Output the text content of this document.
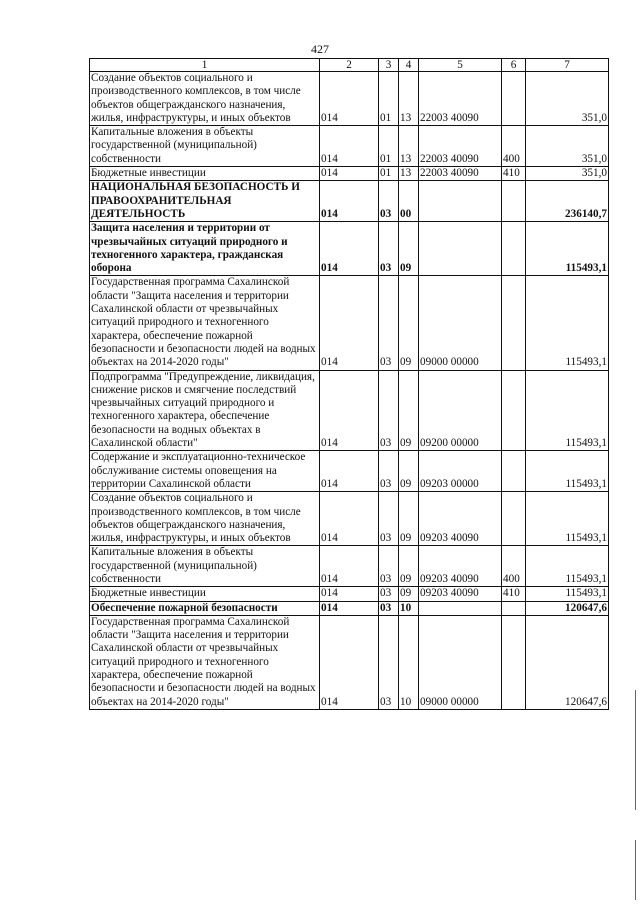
427
1	2	3	4	5	6	7
Создание объектов социального и производственного комплексов, в том числе объектов общегражданского назначения, жилья, инфраструктуры, и иных объектов	014	01	13	22003 40090		351,0
Капитальные вложения в объекты государственной (муниципальной) собственности	014	01	13	22003 40090	400	351,0
Бюджетные инвестиции	014	01	13	22003 40090	410	351,0
НАЦИОНАЛЬНАЯ БЕЗОПАСНОСТЬ И ПРАВООХРАНИТЕЛЬНАЯ ДЕЯТЕЛЬНОСТЬ	014	03	00			236140,7
Защита населения и территории от чрезвычайных ситуаций природного и техногенного характера, гражданская оборона	014	03	09			115493,1
Государственная программа Сахалинской области "Защита населения и территории Сахалинской области от чрезвычайных ситуаций природного и техногенного характера, обеспечение пожарной безопасности и безопасности людей на водных объектах на 2014-2020 годы"	014	03	09	09000 00000		115493,1
Подпрограмма "Предупреждение, ликвидация, снижение рисков и смягчение последствий чрезвычайных ситуаций природного и техногенного характера, обеспечение безопасности на водных объектах в Сахалинской области"	014	03	09	09200 00000		115493,1
Содержание и эксплуатационно-техническое обслуживание системы оповещения на территории Сахалинской области	014	03	09	09203 00000		115493,1
Создание объектов социального и производственного комплексов, в том числе объектов общегражданского назначения, жилья, инфраструктуры, и иных объектов	014	03	09	09203 40090		115493,1
Капитальные вложения в объекты государственной (муниципальной) собственности	014	03	09	09203 40090	400	115493,1
Бюджетные инвестиции	014	03	09	09203 40090	410	115493,1
Обеспечение пожарной безопасности	014	03	10			120647,6
Государственная программа Сахалинской области "Защита населения и территории Сахалинской области от чрезвычайных ситуаций природного и техногенного характера, обеспечение пожарной безопасности и безопасности людей на водных объектах на 2014-2020 годы"	014	03	10	09000 00000		120647,6
